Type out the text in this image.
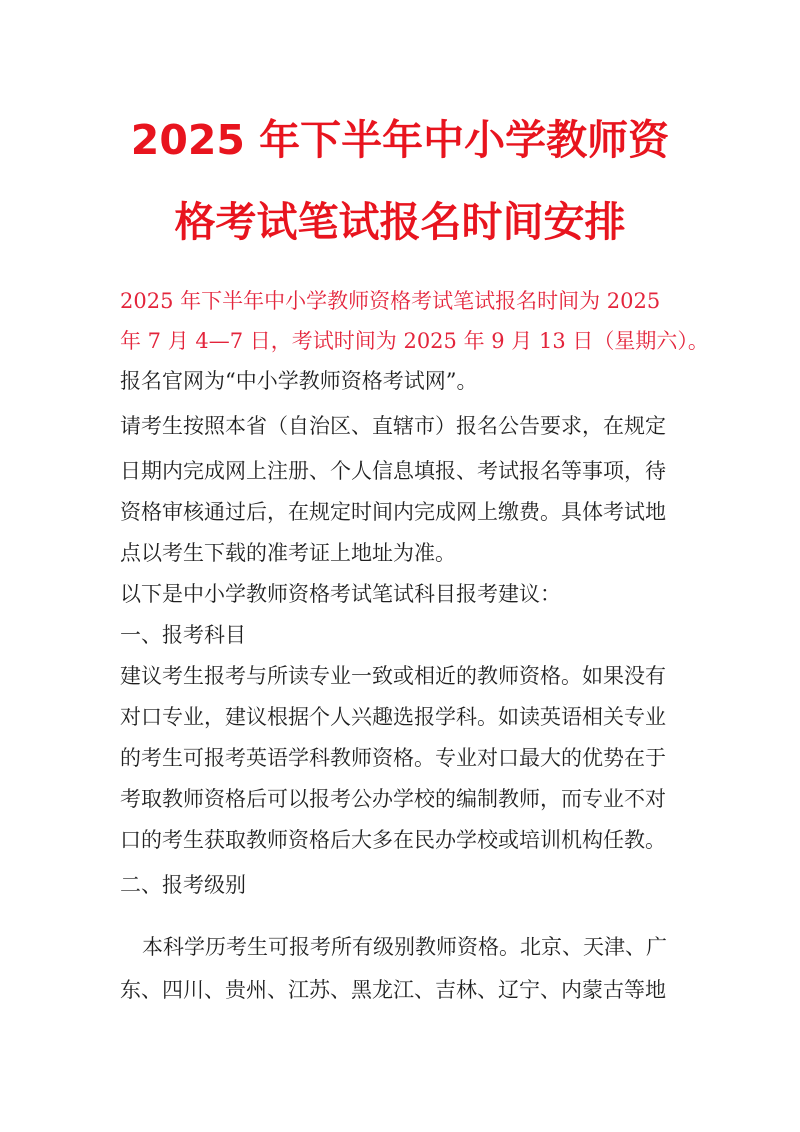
2025 年下半年中小学教师资
格考试笔试报名时间安排
2025 年下半年中小学教师资格考试笔试报名时间为 2025
年 7 月 4—7 日，考试时间为 2025 年 9 月 13 日（星期六）。
报名官网为“中小学教师资格考试网”。
请考生按照本省（自治区、直辖市）报名公告要求，在规定
日期内完成网上注册、个人信息填报、考试报名等事项，待
资格审核通过后，在规定时间内完成网上缴费。具体考试地
点以考生下载的准考证上地址为准。
以下是中小学教师资格考试笔试科目报考建议：
一、报考科目
建议考生报考与所读专业一致或相近的教师资格。如果没有
对口专业，建议根据个人兴趣选报学科。如读英语相关专业
的考生可报考英语学科教师资格。专业对口最大的优势在于
考取教师资格后可以报考公办学校的编制教师，而专业不对
口的考生获取教师资格后大多在民办学校或培训机构任教。
二、报考级别
本科学历考生可报考所有级别教师资格。北京、天津、广
东、四川、贵州、江苏、黑龙江、吉林、辽宁、内蒙古等地
